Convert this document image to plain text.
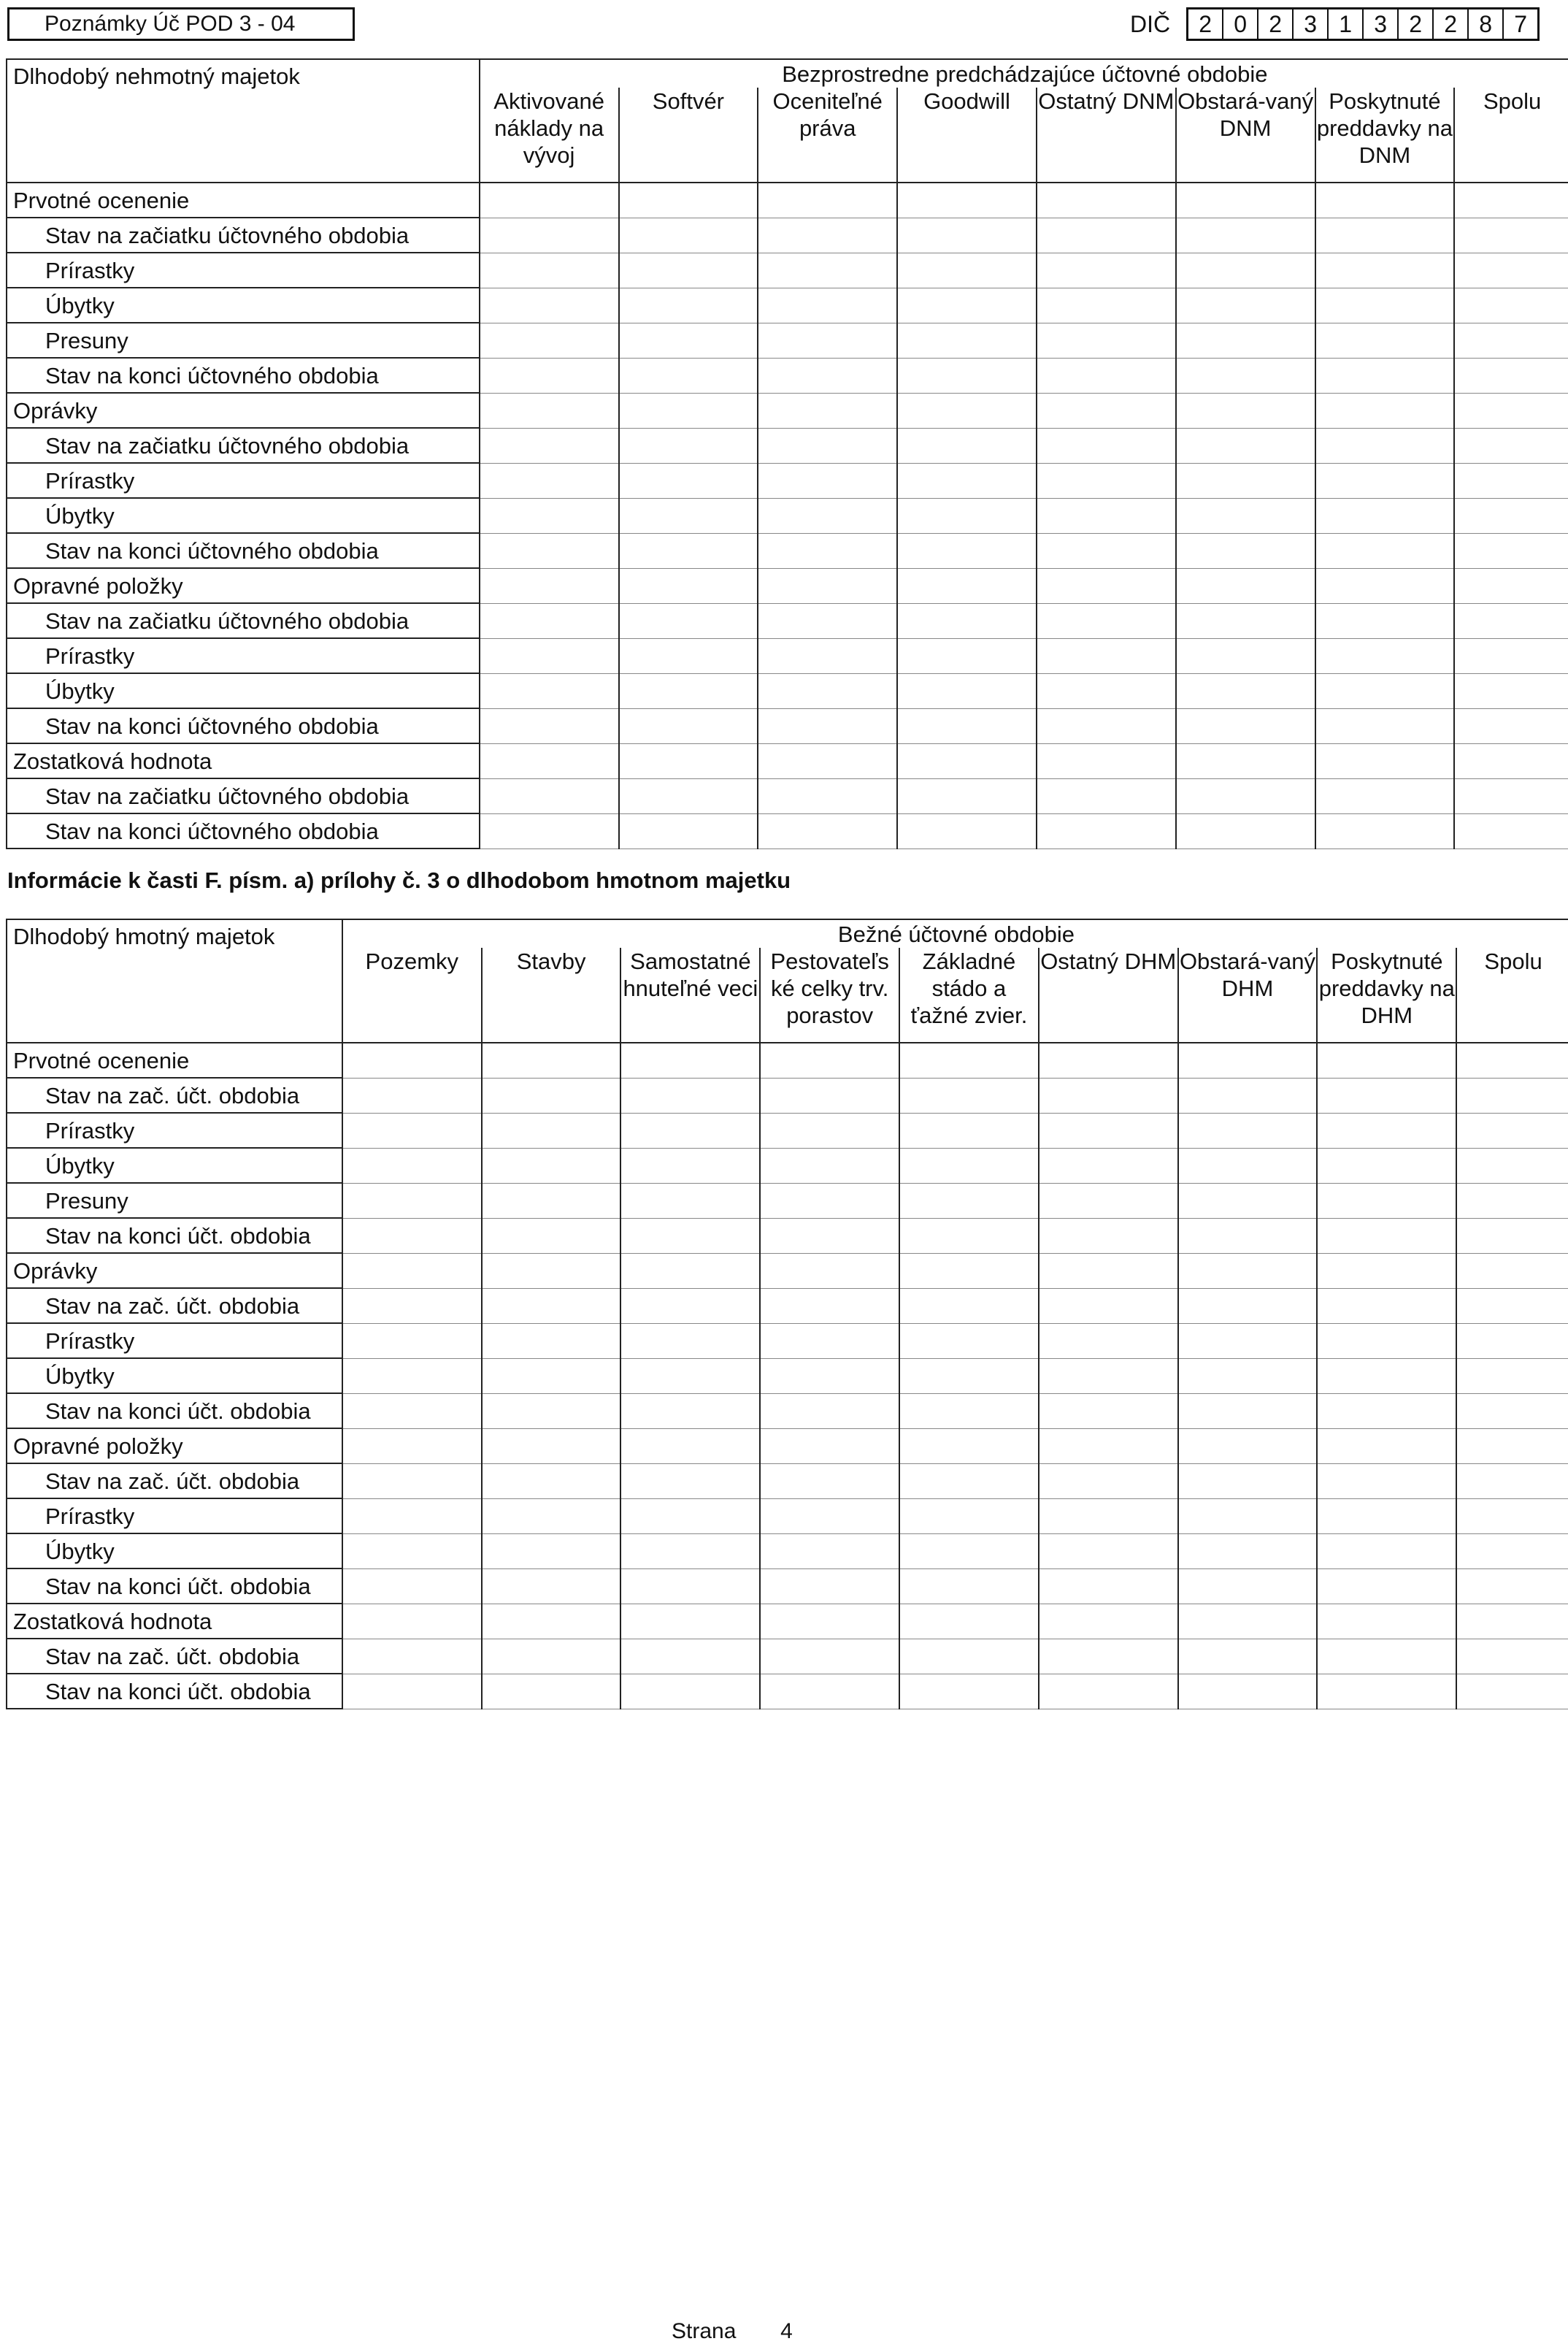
Poznámky Úč POD 3 - 04	DIČ	2 0 2 3 1 3 2 2 8 7
Dlhodobý nehmotný majetok	Bezprostredne predchádzajúce účtovné obdobie							
	Aktivované náklady na vývoj	Softvér	Oceniteľné práva	Goodwill	Ostatný DNM	Obstará-vaný DNM	Poskytnuté preddavky na DNM	Spolu
Prvotné ocenenie								
Stav na začiatku účtovného obdobia								
Prírastky								
Úbytky								
Presuny								
Stav na konci účtovného obdobia								
Oprávky								
Stav na začiatku účtovného obdobia								
Prírastky								
Úbytky								
Stav na konci účtovného obdobia								
Opravné položky								
Stav na začiatku účtovného obdobia								
Prírastky								
Úbytky								
Stav na konci účtovného obdobia								
Zostatková hodnota								
Stav na začiatku účtovného obdobia								
Stav na konci účtovného obdobia								
Informácie k časti F. písm. a) prílohy č. 3 o dlhodobom hmotnom majetku
Dlhodobý hmotný majetok	Bežné účtovné obdobie								
	Pozemky	Stavby	Samostatné hnuteľné veci	Pestovateľs ké celky trv. porastov	Základné stádo a ťažné zvier.	Ostatný DHM	Obstará-vaný DHM	Poskytnuté preddavky na DHM	Spolu
Prvotné ocenenie									
Stav na zač. účt. obdobia									
Prírastky									
Úbytky									
Presuny									
Stav na konci účt. obdobia									
Oprávky									
Stav na zač. účt. obdobia									
Prírastky									
Úbytky									
Stav na konci účt. obdobia									
Opravné položky									
Stav na zač. účt. obdobia									
Prírastky									
Úbytky									
Stav na konci účt. obdobia									
Zostatková hodnota									
Stav na zač. účt. obdobia									
Stav na konci účt. obdobia									
Strana 4
